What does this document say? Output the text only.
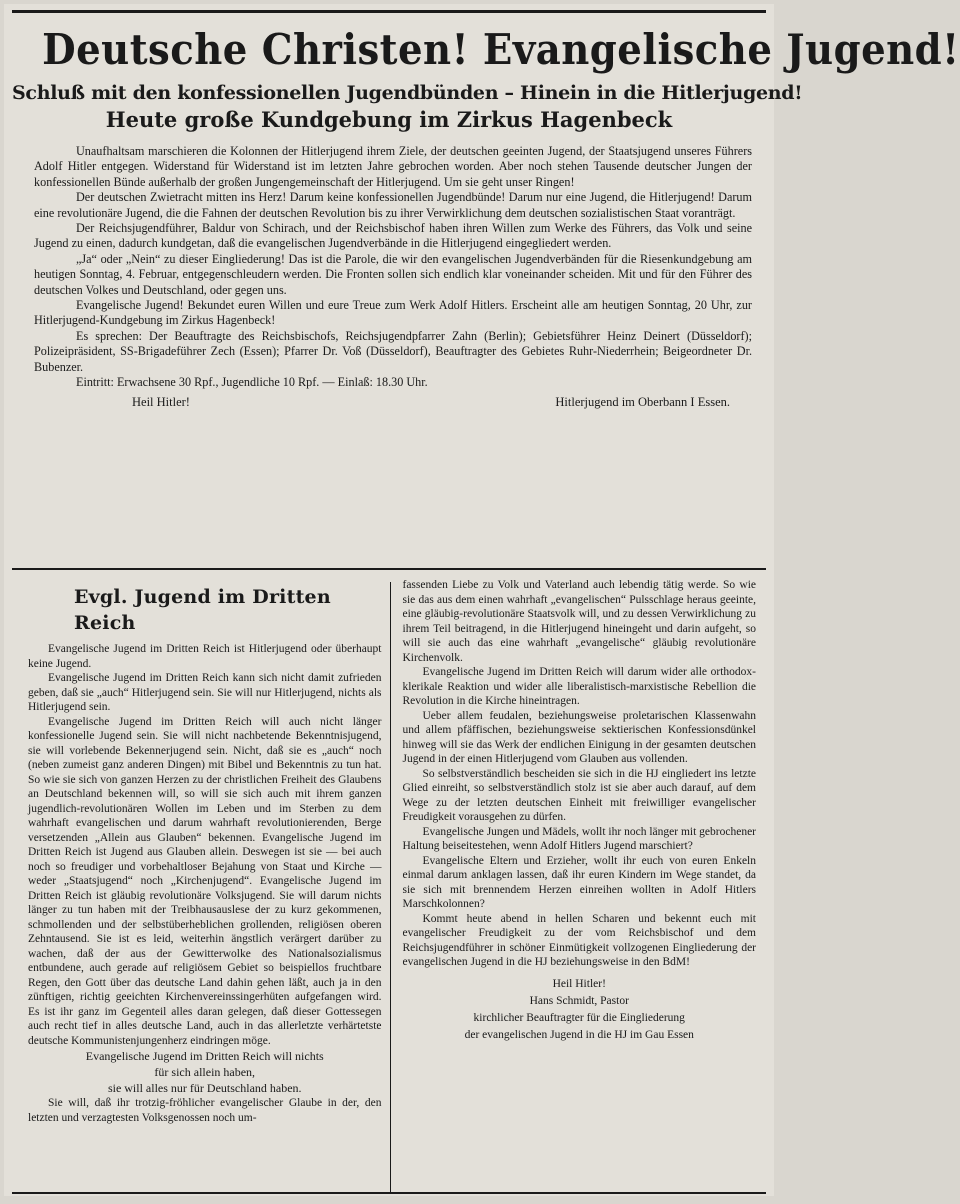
Deutsche Christen! Evangelische Jugend!
Schluß mit den konfessionellen Jugendbünden – Hinein in die Hitlerjugend!
Heute große Kundgebung im Zirkus Hagenbeck

Unaufhaltsam marschieren die Kolonnen der Hitlerjugend ihrem Ziele, der deutschen geeinten Jugend, der Staatsjugend unseres Führers Adolf Hitler entgegen. Widerstand für Widerstand ist im letzten Jahre gebrochen worden. Aber noch stehen Tausende deutscher Jungen der konfessionellen Bünde außerhalb der großen Jungengemeinschaft der Hitlerjugend. Um sie geht unser Ringen!

Der deutschen Zwietracht mitten ins Herz! Darum keine konfessionellen Jugendbünde! Darum nur eine Jugend, die Hitlerjugend! Darum eine revolutionäre Jugend, die die Fahnen der deutschen Revolution bis zu ihrer Verwirklichung dem deutschen sozialistischen Staat voranträgt.

Der Reichsjugendführer, Baldur von Schirach, und der Reichsbischof haben ihren Willen zum Werke des Führers, das Volk und seine Jugend zu einen, dadurch kundgetan, daß die evangelischen Jugendverbände in die Hitlerjugend eingegliedert werden.

„Ja“ oder „Nein“ zu dieser Eingliederung! Das ist die Parole, die wir den evangelischen Jugendverbänden für die Riesenkundgebung am heutigen Sonntag, 4. Februar, entgegenschleudern werden. Die Fronten sollen sich endlich klar voneinander scheiden. Mit und für den Führer des deutschen Volkes und Deutschland, oder gegen uns.

Evangelische Jugend! Bekundet euren Willen und eure Treue zum Werk Adolf Hitlers. Erscheint alle am heutigen Sonntag, 20 Uhr, zur Hitlerjugend-Kundgebung im Zirkus Hagenbeck!

Es sprechen: Der Beauftragte des Reichsbischofs, Reichsjugendpfarrer Zahn (Berlin); Gebietsführer Heinz Deinert (Düsseldorf); Polizeipräsident, SS-Brigadeführer Zech (Essen); Pfarrer Dr. Voß (Düsseldorf), Beauftragter des Gebietes Ruhr-Niederrhein; Beigeordneter Dr. Bubenzer.

Eintritt: Erwachsene 30 Rpf., Jugendliche 10 Rpf. — Einlaß: 18.30 Uhr.

Heil Hitler!	Hitlerjugend im Oberbann I Essen.
Evgl. Jugend im Dritten Reich

Evangelische Jugend im Dritten Reich ist Hitlerjugend oder überhaupt keine Jugend.

Evangelische Jugend im Dritten Reich kann sich nicht damit zufrieden geben, daß sie „auch“ Hitlerjugend sein. Sie will nur Hitlerjugend, nichts als Hitlerjugend sein.

Evangelische Jugend im Dritten Reich will auch nicht länger konfessionelle Jugend sein. Sie will nicht nachbetende Bekenntnisjugend, sie will vorlebende Bekennerjugend sein. Nicht, daß sie es „auch“ noch (neben zumeist ganz anderen Dingen) mit Bibel und Bekenntnis zu tun hat. So wie sie sich von ganzen Herzen zu der christlichen Freiheit des Glaubens an Deutschland bekennen will, so will sie sich auch mit ihrem ganzen jugendlich-revolutionären Wollen im Leben und im Sterben zu dem wahrhaft evangelischen und darum wahrhaft revolutionierenden, Berge versetzenden „Allein aus Glauben“ bekennen. Evangelische Jugend im Dritten Reich ist Jugend aus Glauben allein. Deswegen ist sie — bei auch noch so freudiger und vorbehaltloser Bejahung von Staat und Kirche — weder „Staatsjugend“ noch „Kirchenjugend“. Evangelische Jugend im Dritten Reich ist gläubig revolutionäre Volksjugend. Sie will darum nichts länger zu tun haben mit der Treibhausauslese der zu kurz gekommenen, schmollenden und der selbstüberheblichen grollenden, religiösen oberen Zehntausend. Sie ist es leid, weiterhin ängstlich verärgert darüber zu wachen, daß der aus der Gewitterwolke des Nationalsozialismus entbundene, auch gerade auf religiösem Gebiet so beispiellos fruchtbare Regen, den Gott über das deutsche Land dahin gehen läßt, auch ja in den zünftigen, richtig geeichten Kirchenvereinssingerhüten aufgefangen wird. Es ist ihr ganz im Gegenteil alles daran gelegen, daß dieser Gottessegen auch recht tief in alles deutsche Land, auch in das allerletzte verhärtetste deutsche Kommunistenjungenherz eindringen möge.

Evangelische Jugend im Dritten Reich will nichts

für sich allein haben,

sie will alles nur für Deutschland haben.

Sie will, daß ihr trotzig-fröhlicher evangelischer Glaube in der, den letzten und verzagtesten Volksgenossen noch um-

fassenden Liebe zu Volk und Vaterland auch lebendig tätig werde. So wie sie das aus dem einen wahrhaft „evangelischen“ Pulsschlage heraus geeinte, eine gläubig-revolutionäre Staatsvolk will, und zu dessen Verwirklichung zu ihrem Teil beitragend, in die Hitlerjugend hineingeht und darin aufgeht, so will sie auch das eine wahrhaft „evangelische“ gläubig revolutionäre Kirchenvolk.

Evangelische Jugend im Dritten Reich will darum wider alle orthodox-klerikale Reaktion und wider alle liberalistisch-marxistische Rebellion die Revolution in die Kirche hineintragen.

Ueber allem feudalen, beziehungsweise proletarischen Klassenwahn und allem pfäffischen, beziehungsweise sektierischen Konfessionsdünkel hinweg will sie das Werk der endlichen Einigung in der gesamten deutschen Jugend in der einen Hitlerjugend vom Glauben aus vollenden.

So selbstverständlich bescheiden sie sich in die HJ eingliedert ins letzte Glied einreiht, so selbstverständlich stolz ist sie aber auch darauf, auf dem Wege zu der letzten deutschen Einheit mit freiwilliger evangelischer Freudigkeit vorausgehen zu dürfen.

Evangelische Jungen und Mädels, wollt ihr noch länger mit gebrochener Haltung beiseitestehen, wenn Adolf Hitlers Jugend marschiert?

Evangelische Eltern und Erzieher, wollt ihr euch von euren Enkeln einmal darum anklagen lassen, daß ihr euren Kindern im Wege standet, da sie sich mit brennendem Herzen einreihen wollten in Adolf Hitlers Marschkolonnen?

Kommt heute abend in hellen Scharen und bekennt euch mit evangelischer Freudigkeit zu der vom Reichsbischof und dem Reichsjugendführer in schöner Einmütigkeit vollzogenen Eingliederung der evangelischen Jugend in die HJ beziehungsweise in den BdM!

Heil Hitler!
Hans Schmidt, Pastor
kirchlicher Beauftragter für die Eingliederung
der evangelischen Jugend in die HJ im Gau Essen
